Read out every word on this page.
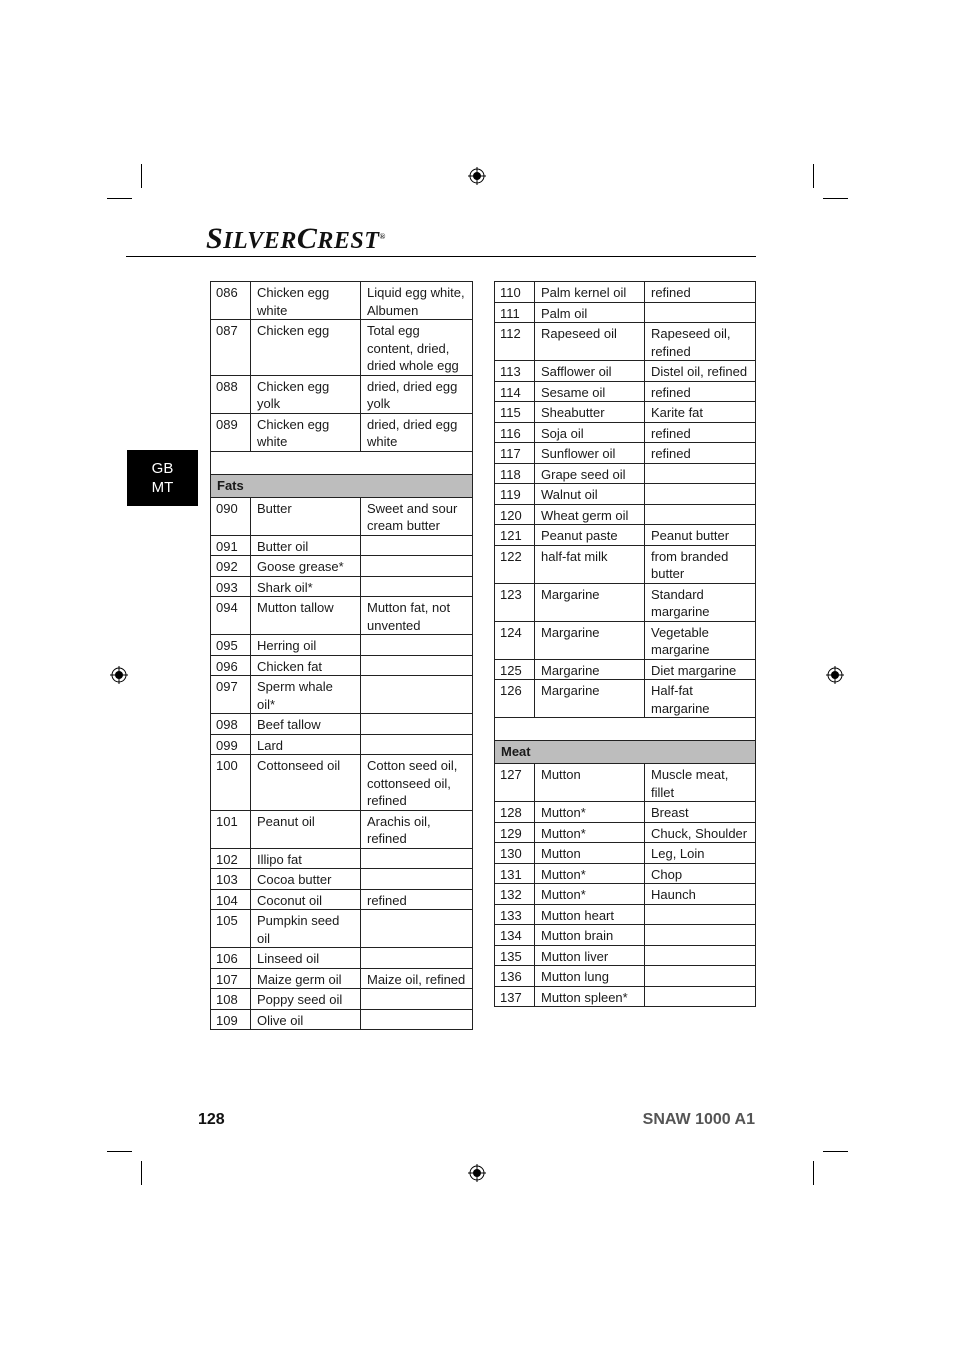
SILVERCREST®
GB
MT
086	Chicken egg white	Liquid egg white, Albumen
087	Chicken egg	Total egg content, dried, dried whole egg
088	Chicken egg yolk	dried, dried egg yolk
089	Chicken egg white	dried, dried egg white

Fats		
090	Butter	Sweet and sour cream butter
091	Butter oil	
092	Goose grease*	
093	Shark oil*	
094	Mutton tallow	Mutton fat, not unvented
095	Herring oil	
096	Chicken fat	
097	Sperm whale oil*	
098	Beef tallow	
099	Lard	
100	Cottonseed oil	Cotton seed oil, cottonseed oil, refined
101	Peanut oil	Arachis oil, refined
102	Illipo fat	
103	Cocoa butter	
104	Coconut oil	refined
105	Pumpkin seed oil	
106	Linseed oil	
107	Maize germ oil	Maize oil, refined
108	Poppy seed oil	
109	Olive oil	
110	Palm kernel oil	refined
111	Palm oil	
112	Rapeseed oil	Rapeseed oil, refined
113	Safflower oil	Distel oil, refined
114	Sesame oil	refined
115	Sheabutter	Karite fat
116	Soja oil	refined
117	Sunflower oil	refined
118	Grape seed oil	
119	Walnut oil	
120	Wheat germ oil	
121	Peanut paste	Peanut butter
122	half-fat milk	from branded butter
123	Margarine	Standard margarine
124	Margarine	Vegetable margarine
125	Margarine	Diet margarine
126	Margarine	Half-fat margarine

Meat		
127	Mutton	Muscle meat, fillet
128	Mutton*	Breast
129	Mutton*	Chuck, Shoulder
130	Mutton	Leg, Loin
131	Mutton*	Chop
132	Mutton*	Haunch
133	Mutton heart	
134	Mutton brain	
135	Mutton liver	
136	Mutton lung	
137	Mutton spleen*	
128	SNAW 1000 A1
